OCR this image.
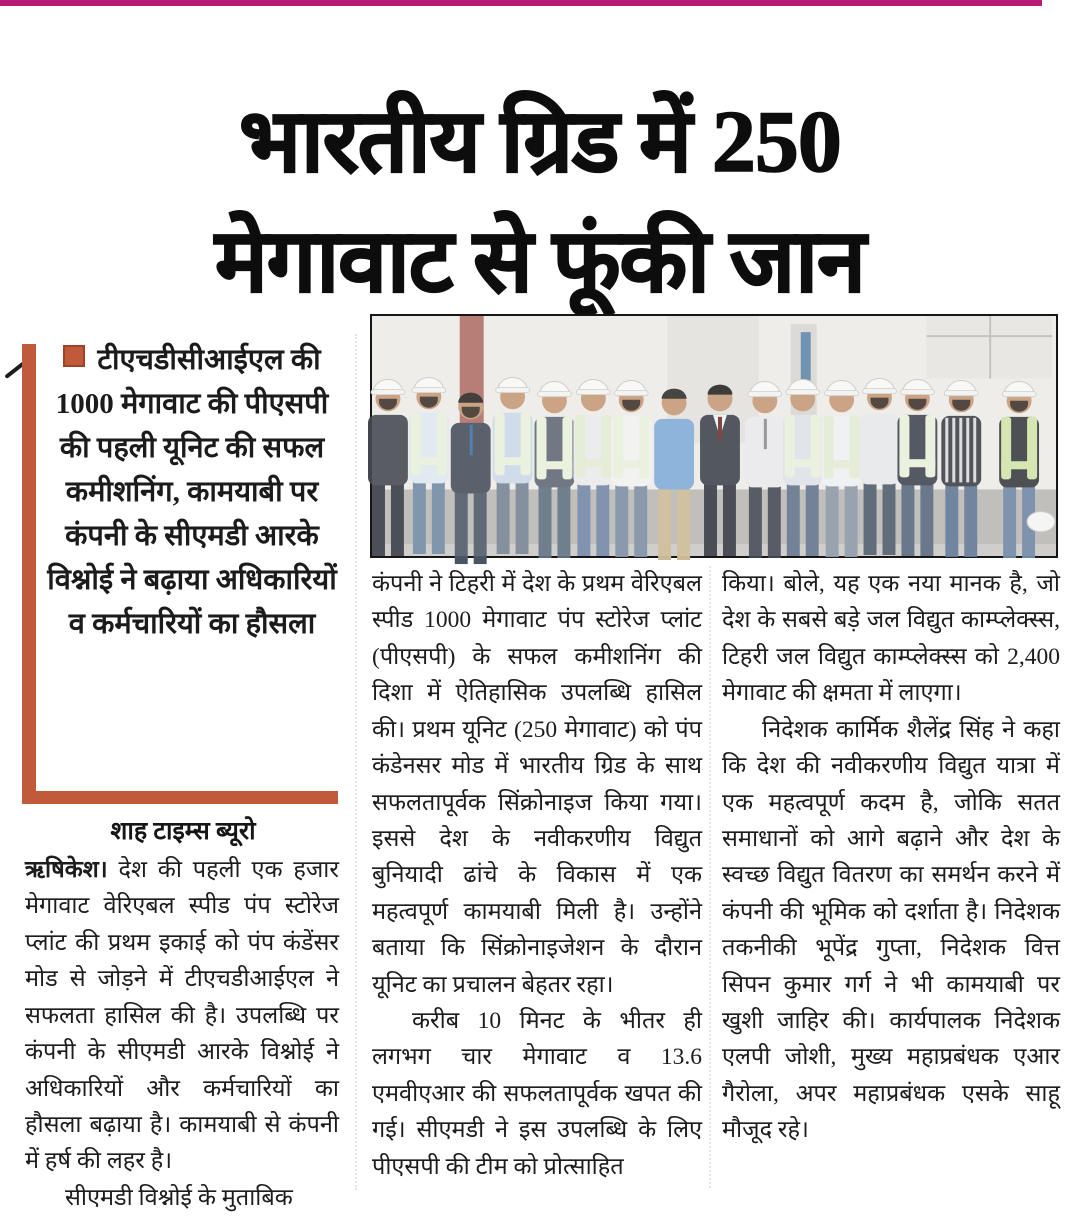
भारतीय ग्रिड में 250
मेगावाट से फूंकी जान
टीएचडीसीआईएल की 1000 मेगावाट की पीएसपी की पहली यूनिट की सफल कमीशनिंग, कामयाबी पर कंपनी के सीएमडी आरके विश्नोई ने बढ़ाया अधिकारियों व कर्मचारियों का हौसला
शाह टाइम्स ब्यूरो

ऋषिकेश। देश की पहली एक हजार मेगावाट वेरिएबल स्पीड पंप स्टोरेज प्लांट की प्रथम इकाई को पंप कंडेंसर मोड से जोड़ने में टीएचडीआईएल ने सफलता हासिल की है। उपलब्धि पर कंपनी के सीएमडी आरके विश्नोई ने अधिकारियों और कर्मचारियों का हौसला बढ़ाया है। कामयाबी से कंपनी में हर्ष की लहर है।

सीएमडी विश्नोई के मुताबिक

कंपनी ने टिहरी में देश के प्रथम वेरिएबल स्पीड 1000 मेगावाट पंप स्टोरेज प्लांट (पीएसपी) के सफल कमीशनिंग की दिशा में ऐतिहासिक उपलब्धि हासिल की। प्रथम यूनिट (250 मेगावाट) को पंप कंडेनसर मोड में भारतीय ग्रिड के साथ सफलतापूर्वक सिंक्रोनाइज किया गया। इससे देश के नवीकरणीय विद्युत बुनियादी ढांचे के विकास में एक महत्वपूर्ण कामयाबी मिली है। उन्होंने बताया कि सिंक्रोनाइजेशन के दौरान यूनिट का प्रचालन बेहतर रहा।

करीब 10 मिनट के भीतर ही लगभग चार मेगावाट व 13.6 एमवीएआर की सफलतापूर्वक खपत की गई। सीएमडी ने इस उपलब्धि के लिए पीएसपी की टीम को प्रोत्साहित

किया। बोले, यह एक नया मानक है, जो देश के सबसे बड़े जल विद्युत काम्प्लेक्स्स, टिहरी जल विद्युत काम्प्लेक्स्स को 2,400 मेगावाट की क्षमता में लाएगा।

निदेशक कार्मिक शैलेंद्र सिंह ने कहा कि देश की नवीकरणीय विद्युत यात्रा में एक महत्वपूर्ण कदम है, जोकि सतत समाधानों को आगे बढ़ाने और देश के स्वच्छ विद्युत वितरण का समर्थन करने में कंपनी की भूमिक को दर्शाता है। निदेशक तकनीकी भूपेंद्र गुप्ता, निदेशक वित्त सिपन कुमार गर्ग ने भी कामयाबी पर खुशी जाहिर की। कार्यपालक निदेशक एलपी जोशी, मुख्य महाप्रबंधक एआर गैरोला, अपर महाप्रबंधक एसके साहू मौजूद रहे।
